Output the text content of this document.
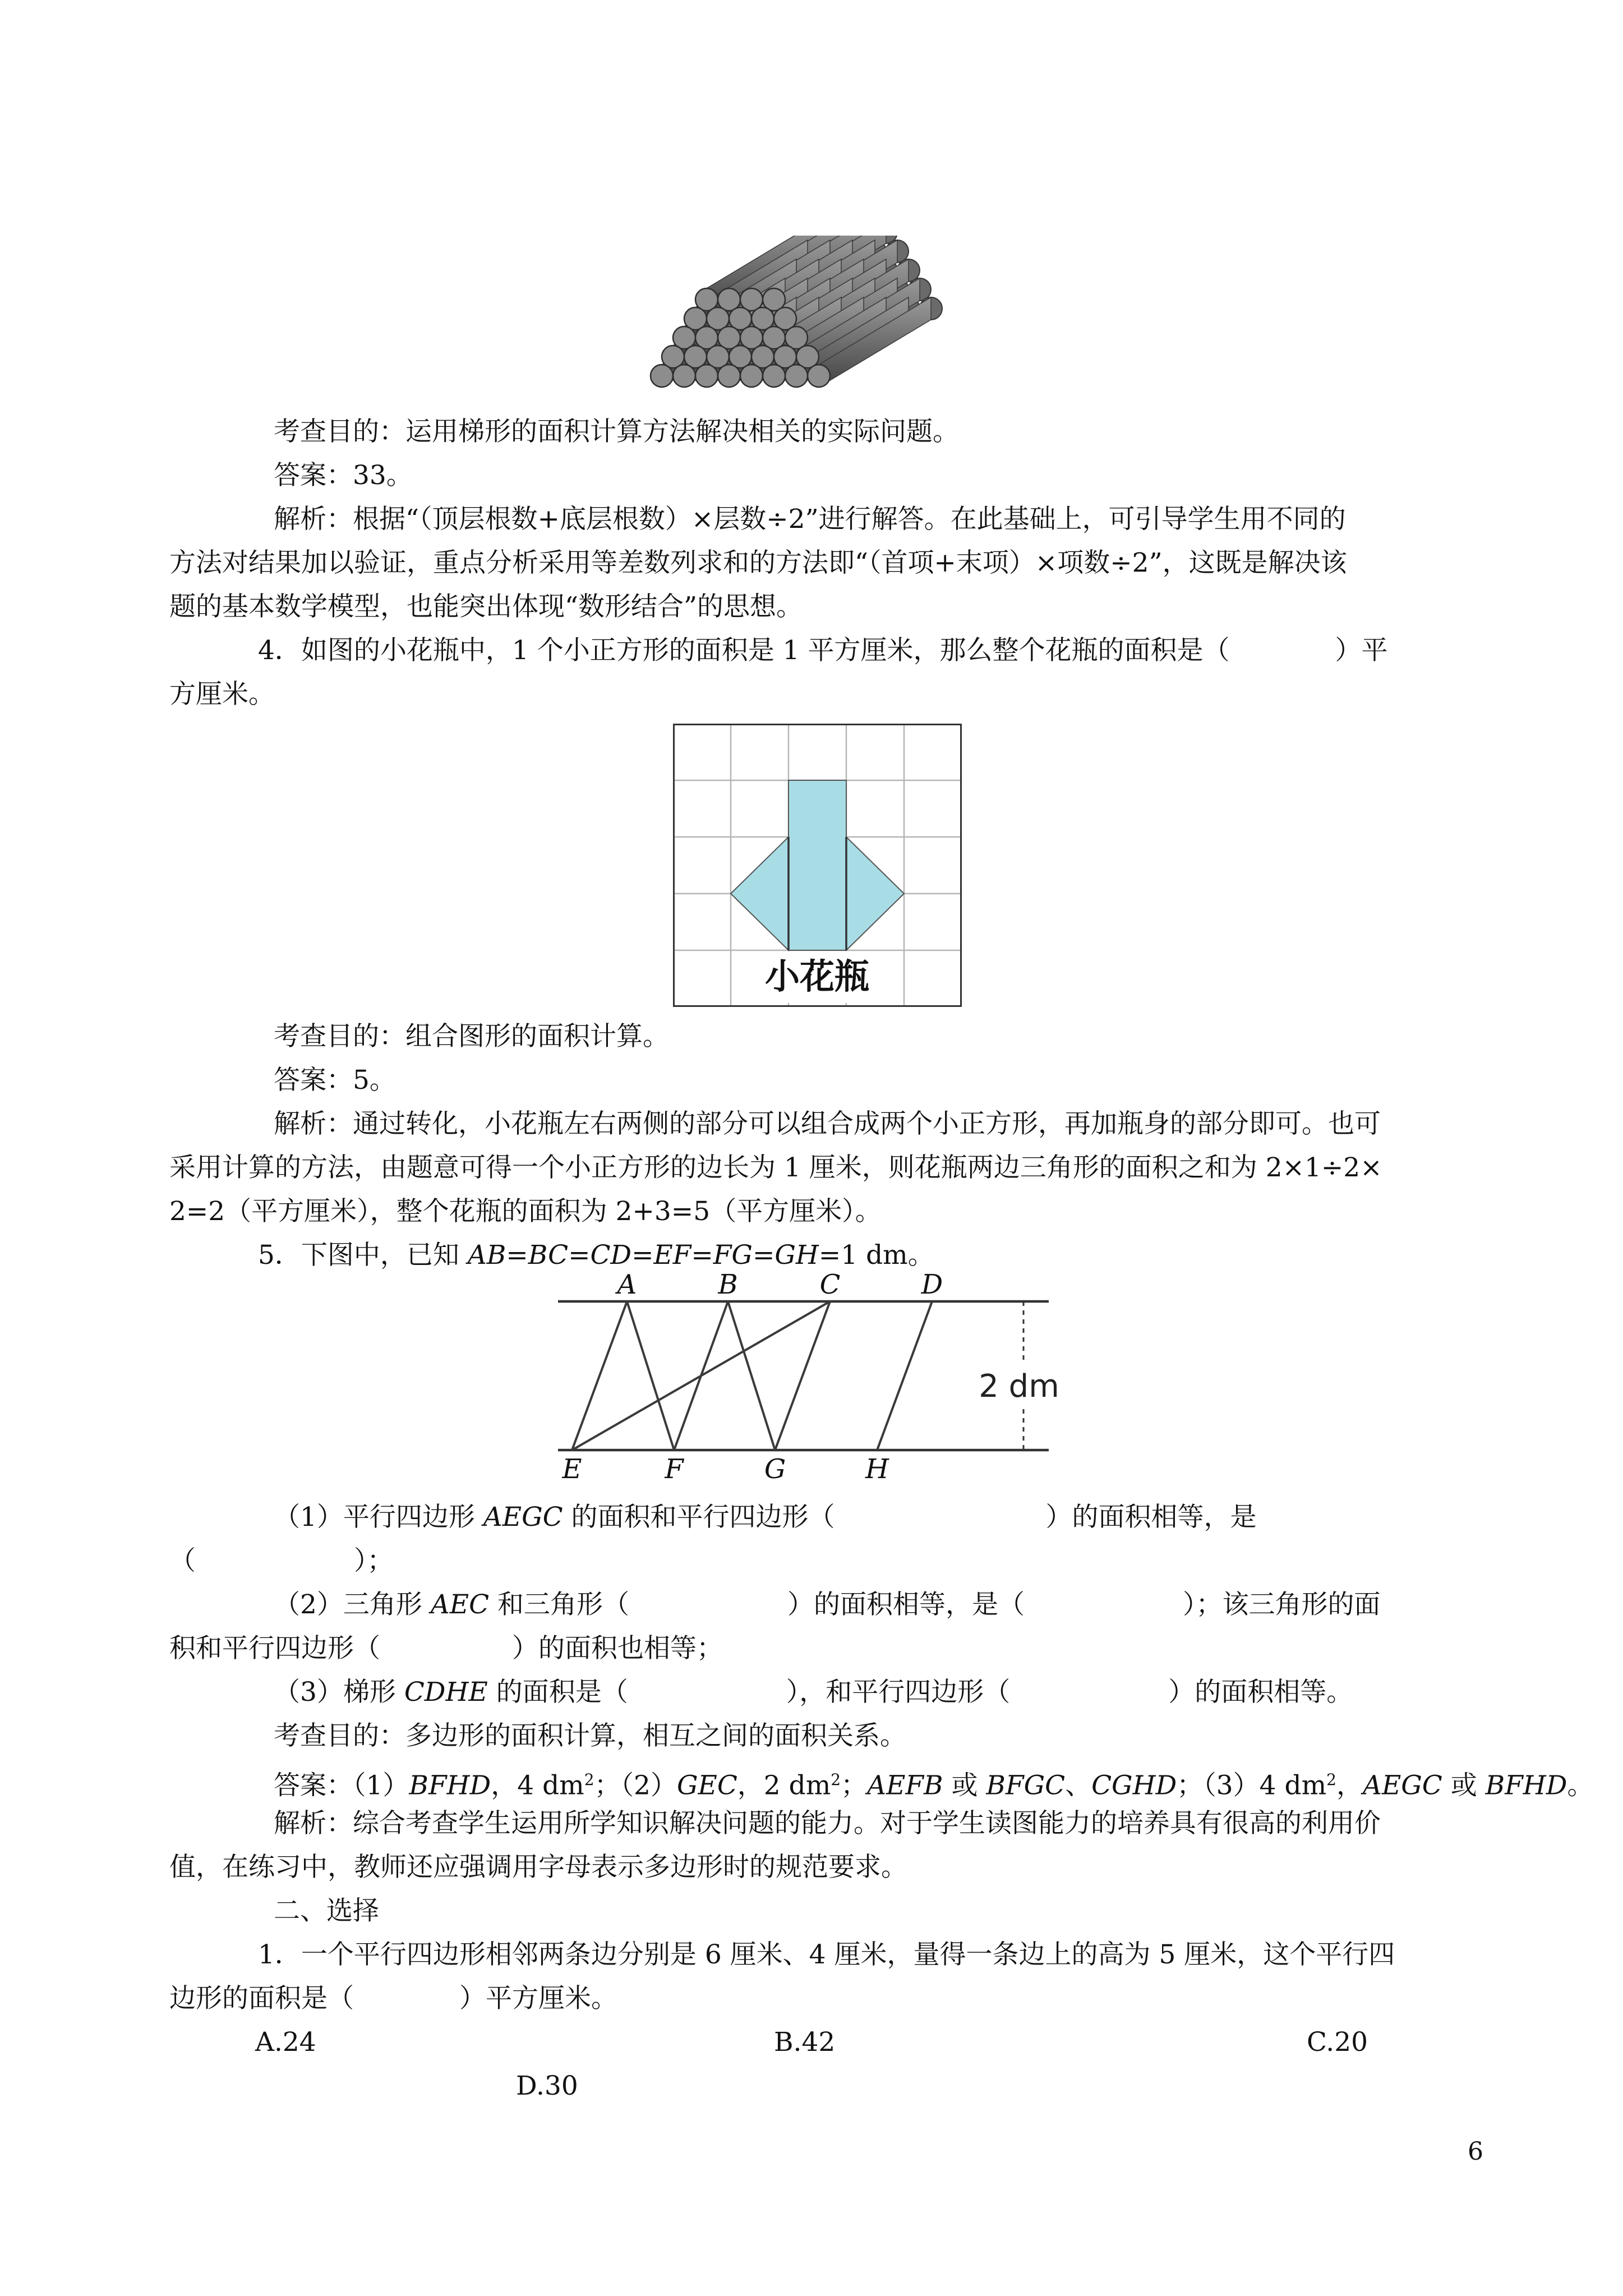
考查目的：运用梯形的面积计算方法解决相关的实际问题。
答案：33。
解析：根据“（顶层根数+底层根数）×层数÷2”进行解答。在此基础上，可引导学生用不同的
方法对结果加以验证，重点分析采用等差数列求和的方法即“（首项+末项）×项数÷2”，这既是解决该
题的基本数学模型，也能突出体现“数形结合”的思想。
4．如图的小花瓶中，1 个小正方形的面积是 1 平方厘米，那么整个花瓶的面积是（　　　　）平
方厘米。
小花瓶
考查目的：组合图形的面积计算。
答案：5。
解析：通过转化，小花瓶左右两侧的部分可以组合成两个小正方形，再加瓶身的部分即可。也可
采用计算的方法，由题意可得一个小正方形的边长为 1 厘米，则花瓶两边三角形的面积之和为 2×1÷2×
2=2（平方厘米），整个花瓶的面积为 2+3=5（平方厘米）。
5．下图中，已知 AB=BC=CD=EF=FG=GH=1 dm。
2 dm
A	B	C	D
E	F	G	H
（1）平行四边形 AEGC 的面积和平行四边形（　　　　　　　　）的面积相等，是
（　　　　　　）；
（2）三角形 AEC 和三角形（　　　　　　）的面积相等，是（　　　　　　）；该三角形的面
积和平行四边形（　　　　　）的面积也相等；
（3）梯形 CDHE 的面积是（　　　　　　），和平行四边形（　　　　　　）的面积相等。
考查目的：多边形的面积计算，相互之间的面积关系。
答案：（1）BFHD，4 $dm^2$；（2）GEC，2 $dm^2$；AEFB 或 BFGC、CGHD；（3）4 $dm^2$，AEGC 或 BFHD。
解析：综合考查学生运用所学知识解决问题的能力。对于学生读图能力的培养具有很高的利用价
值，在练习中，教师还应强调用字母表示多边形时的规范要求。
二、选择
1．一个平行四边形相邻两条边分别是 6 厘米、4 厘米，量得一条边上的高为 5 厘米，这个平行四
边形的面积是（　　　　）平方厘米。
A.24	B.42	C.20
D.30
6
